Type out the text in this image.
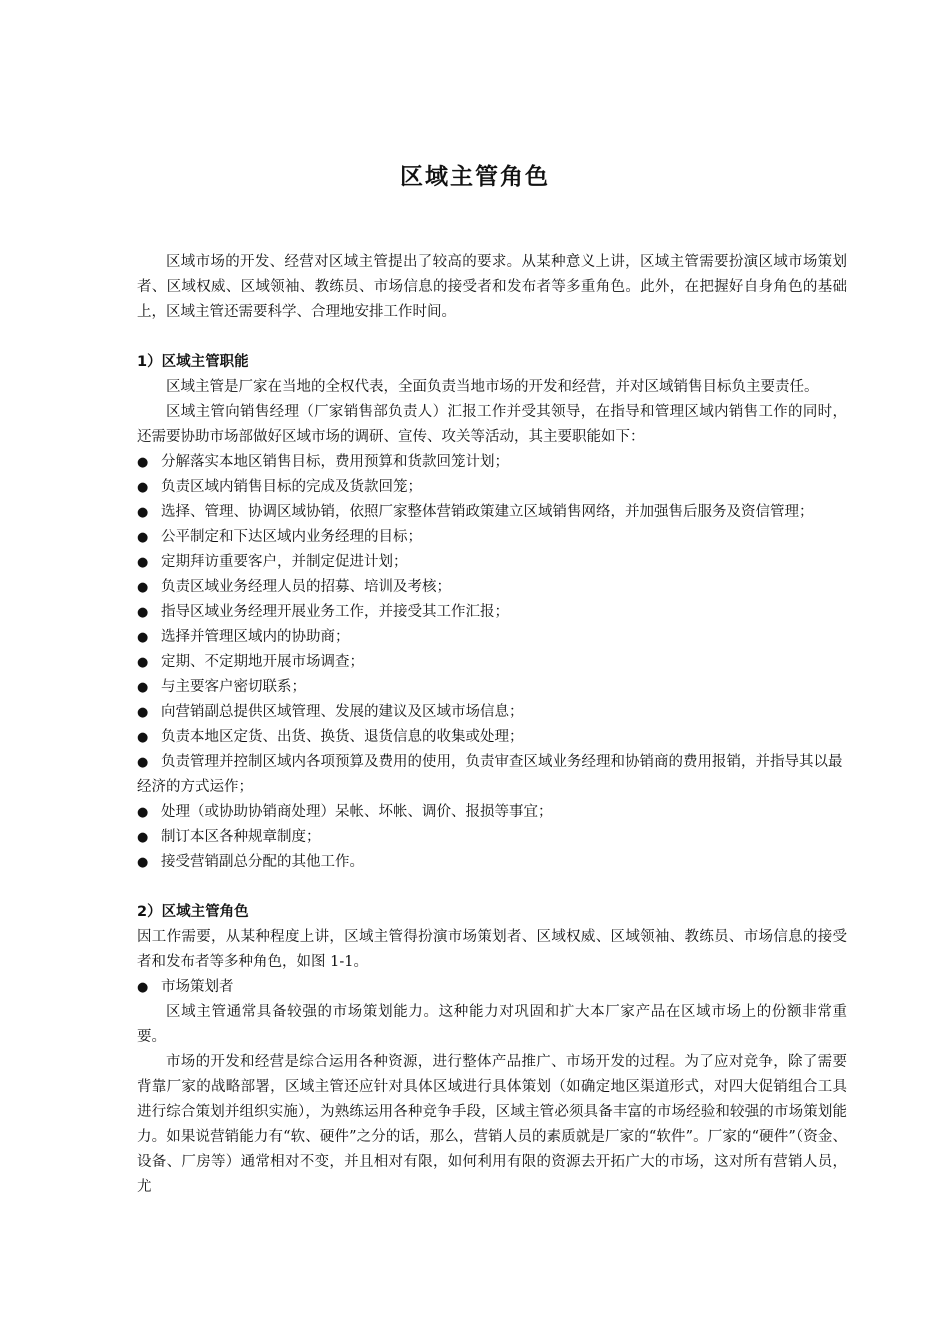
区域主管角色

区域市场的开发、经营对区域主管提出了较高的要求。从某种意义上讲，区域主管需要扮演区域市场策划者、区域权威、区域领袖、教练员、市场信息的接受者和发布者等多重角色。此外，在把握好自身角色的基础上，区域主管还需要科学、合理地安排工作时间。

1）区域主管职能

区域主管是厂家在当地的全权代表，全面负责当地市场的开发和经营，并对区域销售目标负主要责任。

区域主管向销售经理（厂家销售部负责人）汇报工作并受其领导，在指导和管理区域内销售工作的同时，还需要协助市场部做好区域市场的调研、宣传、攻关等活动，其主要职能如下：

● 分解落实本地区销售目标，费用预算和货款回笼计划；
● 负责区域内销售目标的完成及货款回笼；
● 选择、管理、协调区域协销，依照厂家整体营销政策建立区域销售网络，并加强售后服务及资信管理；
● 公平制定和下达区域内业务经理的目标；
● 定期拜访重要客户，并制定促进计划；
● 负责区域业务经理人员的招募、培训及考核；
● 指导区域业务经理开展业务工作，并接受其工作汇报；
● 选择并管理区域内的协助商；
● 定期、不定期地开展市场调查；
● 与主要客户密切联系；
● 向营销副总提供区域管理、发展的建议及区域市场信息；
● 负责本地区定货、出货、换货、退货信息的收集或处理；
● 负责管理并控制区域内各项预算及费用的使用，负责审查区域业务经理和协销商的费用报销，并指导其以最经济的方式运作；
● 处理（或协助协销商处理）呆帐、坏帐、调价、报损等事宜；
● 制订本区各种规章制度；
● 接受营销副总分配的其他工作。

2）区域主管角色

因工作需要，从某种程度上讲，区域主管得扮演市场策划者、区域权威、区域领袖、教练员、市场信息的接受者和发布者等多种角色，如图 1-1。

● 市场策划者

区域主管通常具备较强的市场策划能力。这种能力对巩固和扩大本厂家产品在区域市场上的份额非常重要。

市场的开发和经营是综合运用各种资源，进行整体产品推广、市场开发的过程。为了应对竞争，除了需要背靠厂家的战略部署，区域主管还应针对具体区域进行具体策划（如确定地区渠道形式，对四大促销组合工具进行综合策划并组织实施），为熟练运用各种竞争手段，区域主管必须具备丰富的市场经验和较强的市场策划能力。如果说营销能力有“软、硬件”之分的话，那么，营销人员的素质就是厂家的“软件”。厂家的“硬件”（资金、设备、厂房等）通常相对不变，并且相对有限，如何利用有限的资源去开拓广大的市场，这对所有营销人员，尤
